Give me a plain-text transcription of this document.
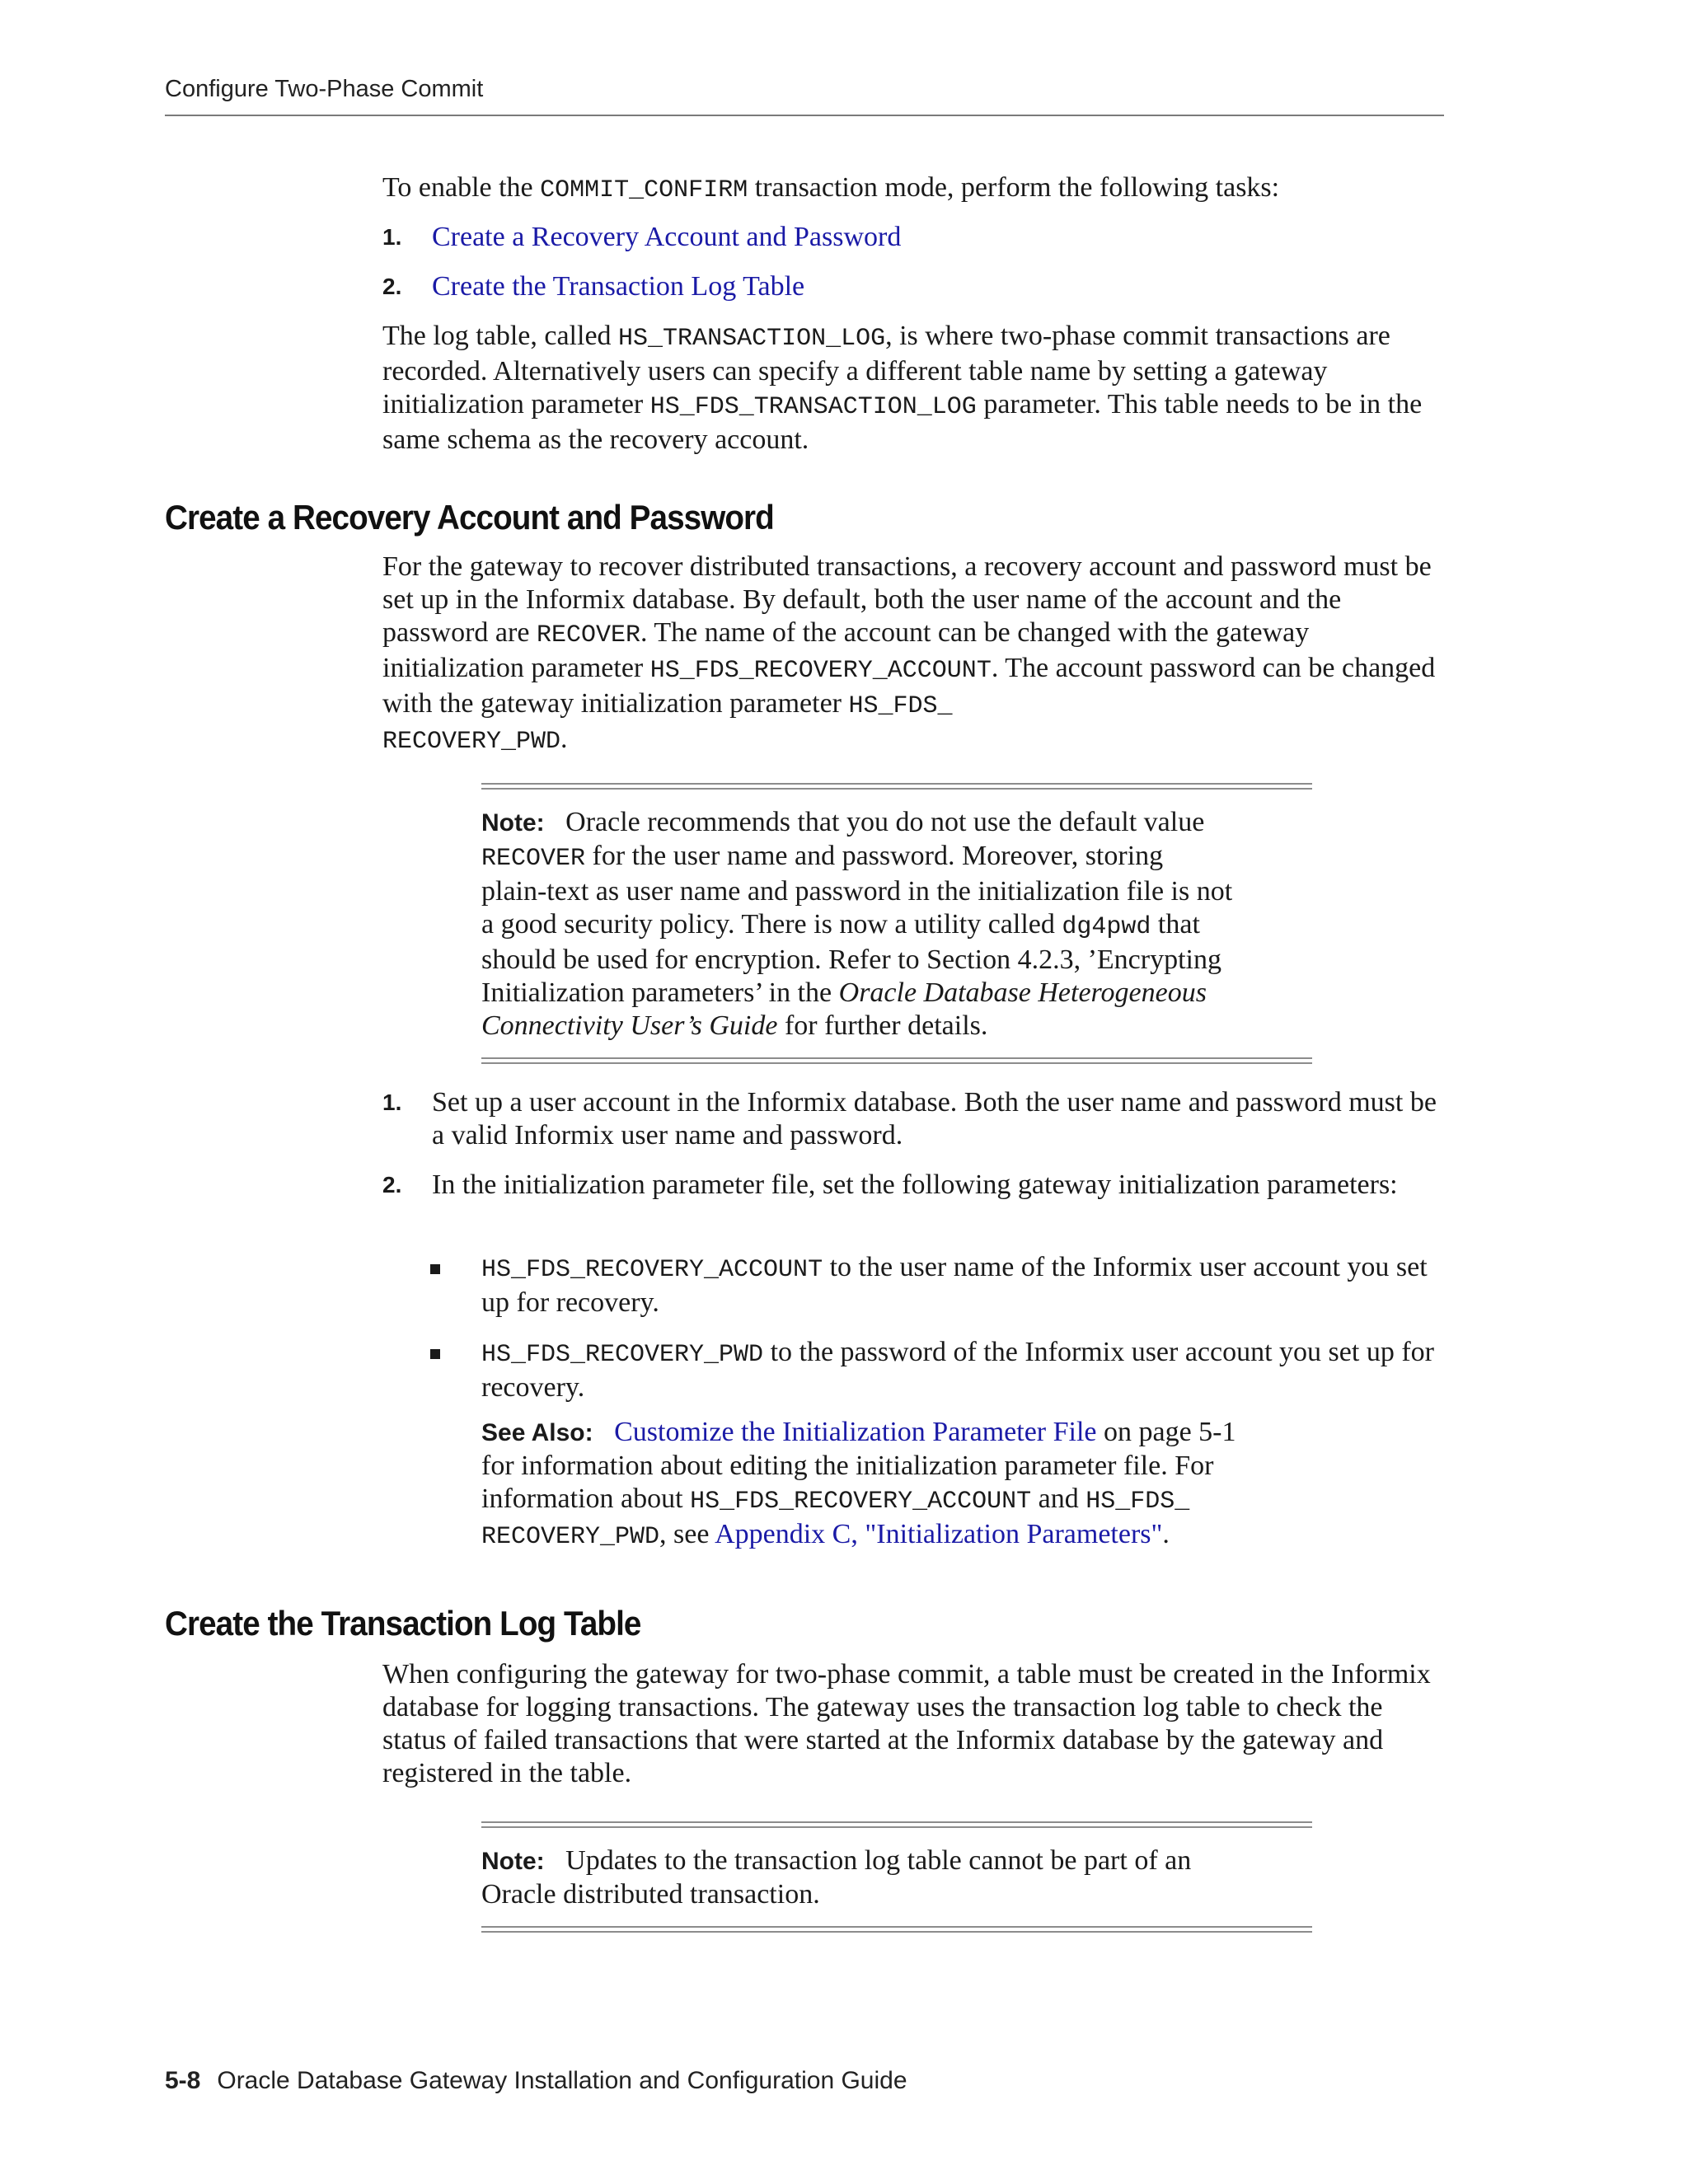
Configure Two-Phase Commit

To enable the COMMIT_CONFIRM transaction mode, perform the following tasks:

1. Create a Recovery Account and Password
2. Create the Transaction Log Table

The log table, called HS_TRANSACTION_LOG, is where two-phase commit transactions are recorded. Alternatively users can specify a different table name by setting a gateway initialization parameter HS_FDS_TRANSACTION_LOG parameter. This table needs to be in the same schema as the recovery account.

Create a Recovery Account and Password

For the gateway to recover distributed transactions, a recovery account and password must be set up in the Informix database. By default, both the user name of the account and the password are RECOVER. The name of the account can be changed with the gateway initialization parameter HS_FDS_RECOVERY_ACCOUNT. The account password can be changed with the gateway initialization parameter HS_FDS_
RECOVERY_PWD.

Note: Oracle recommends that you do not use the default value
RECOVER for the user name and password. Moreover, storing
plain-text as user name and password in the initialization file is not
a good security policy. There is now a utility called dg4pwd that
should be used for encryption. Refer to Section 4.2.3, ’Encrypting
Initialization parameters’ in the Oracle Database Heterogeneous
Connectivity User’s Guide for further details.
1. Set up a user account in the Informix database. Both the user name and password must be a valid Informix user name and password.
2. In the initialization parameter file, set the following gateway initialization parameters:
HS_FDS_RECOVERY_ACCOUNT to the user name of the Informix user account you set up for recovery.
HS_FDS_RECOVERY_PWD to the password of the Informix user account you set up for recovery.
See Also: Customize the Initialization Parameter File on page 5-1
for information about editing the initialization parameter file. For
information about HS_FDS_RECOVERY_ACCOUNT and HS_FDS_
RECOVERY_PWD, see Appendix C, "Initialization Parameters".
Create the Transaction Log Table

When configuring the gateway for two-phase commit, a table must be created in the Informix database for logging transactions. The gateway uses the transaction log table to check the status of failed transactions that were started at the Informix database by the gateway and registered in the table.

Note: Updates to the transaction log table cannot be part of an
Oracle distributed transaction.
5-8 Oracle Database Gateway Installation and Configuration Guide
